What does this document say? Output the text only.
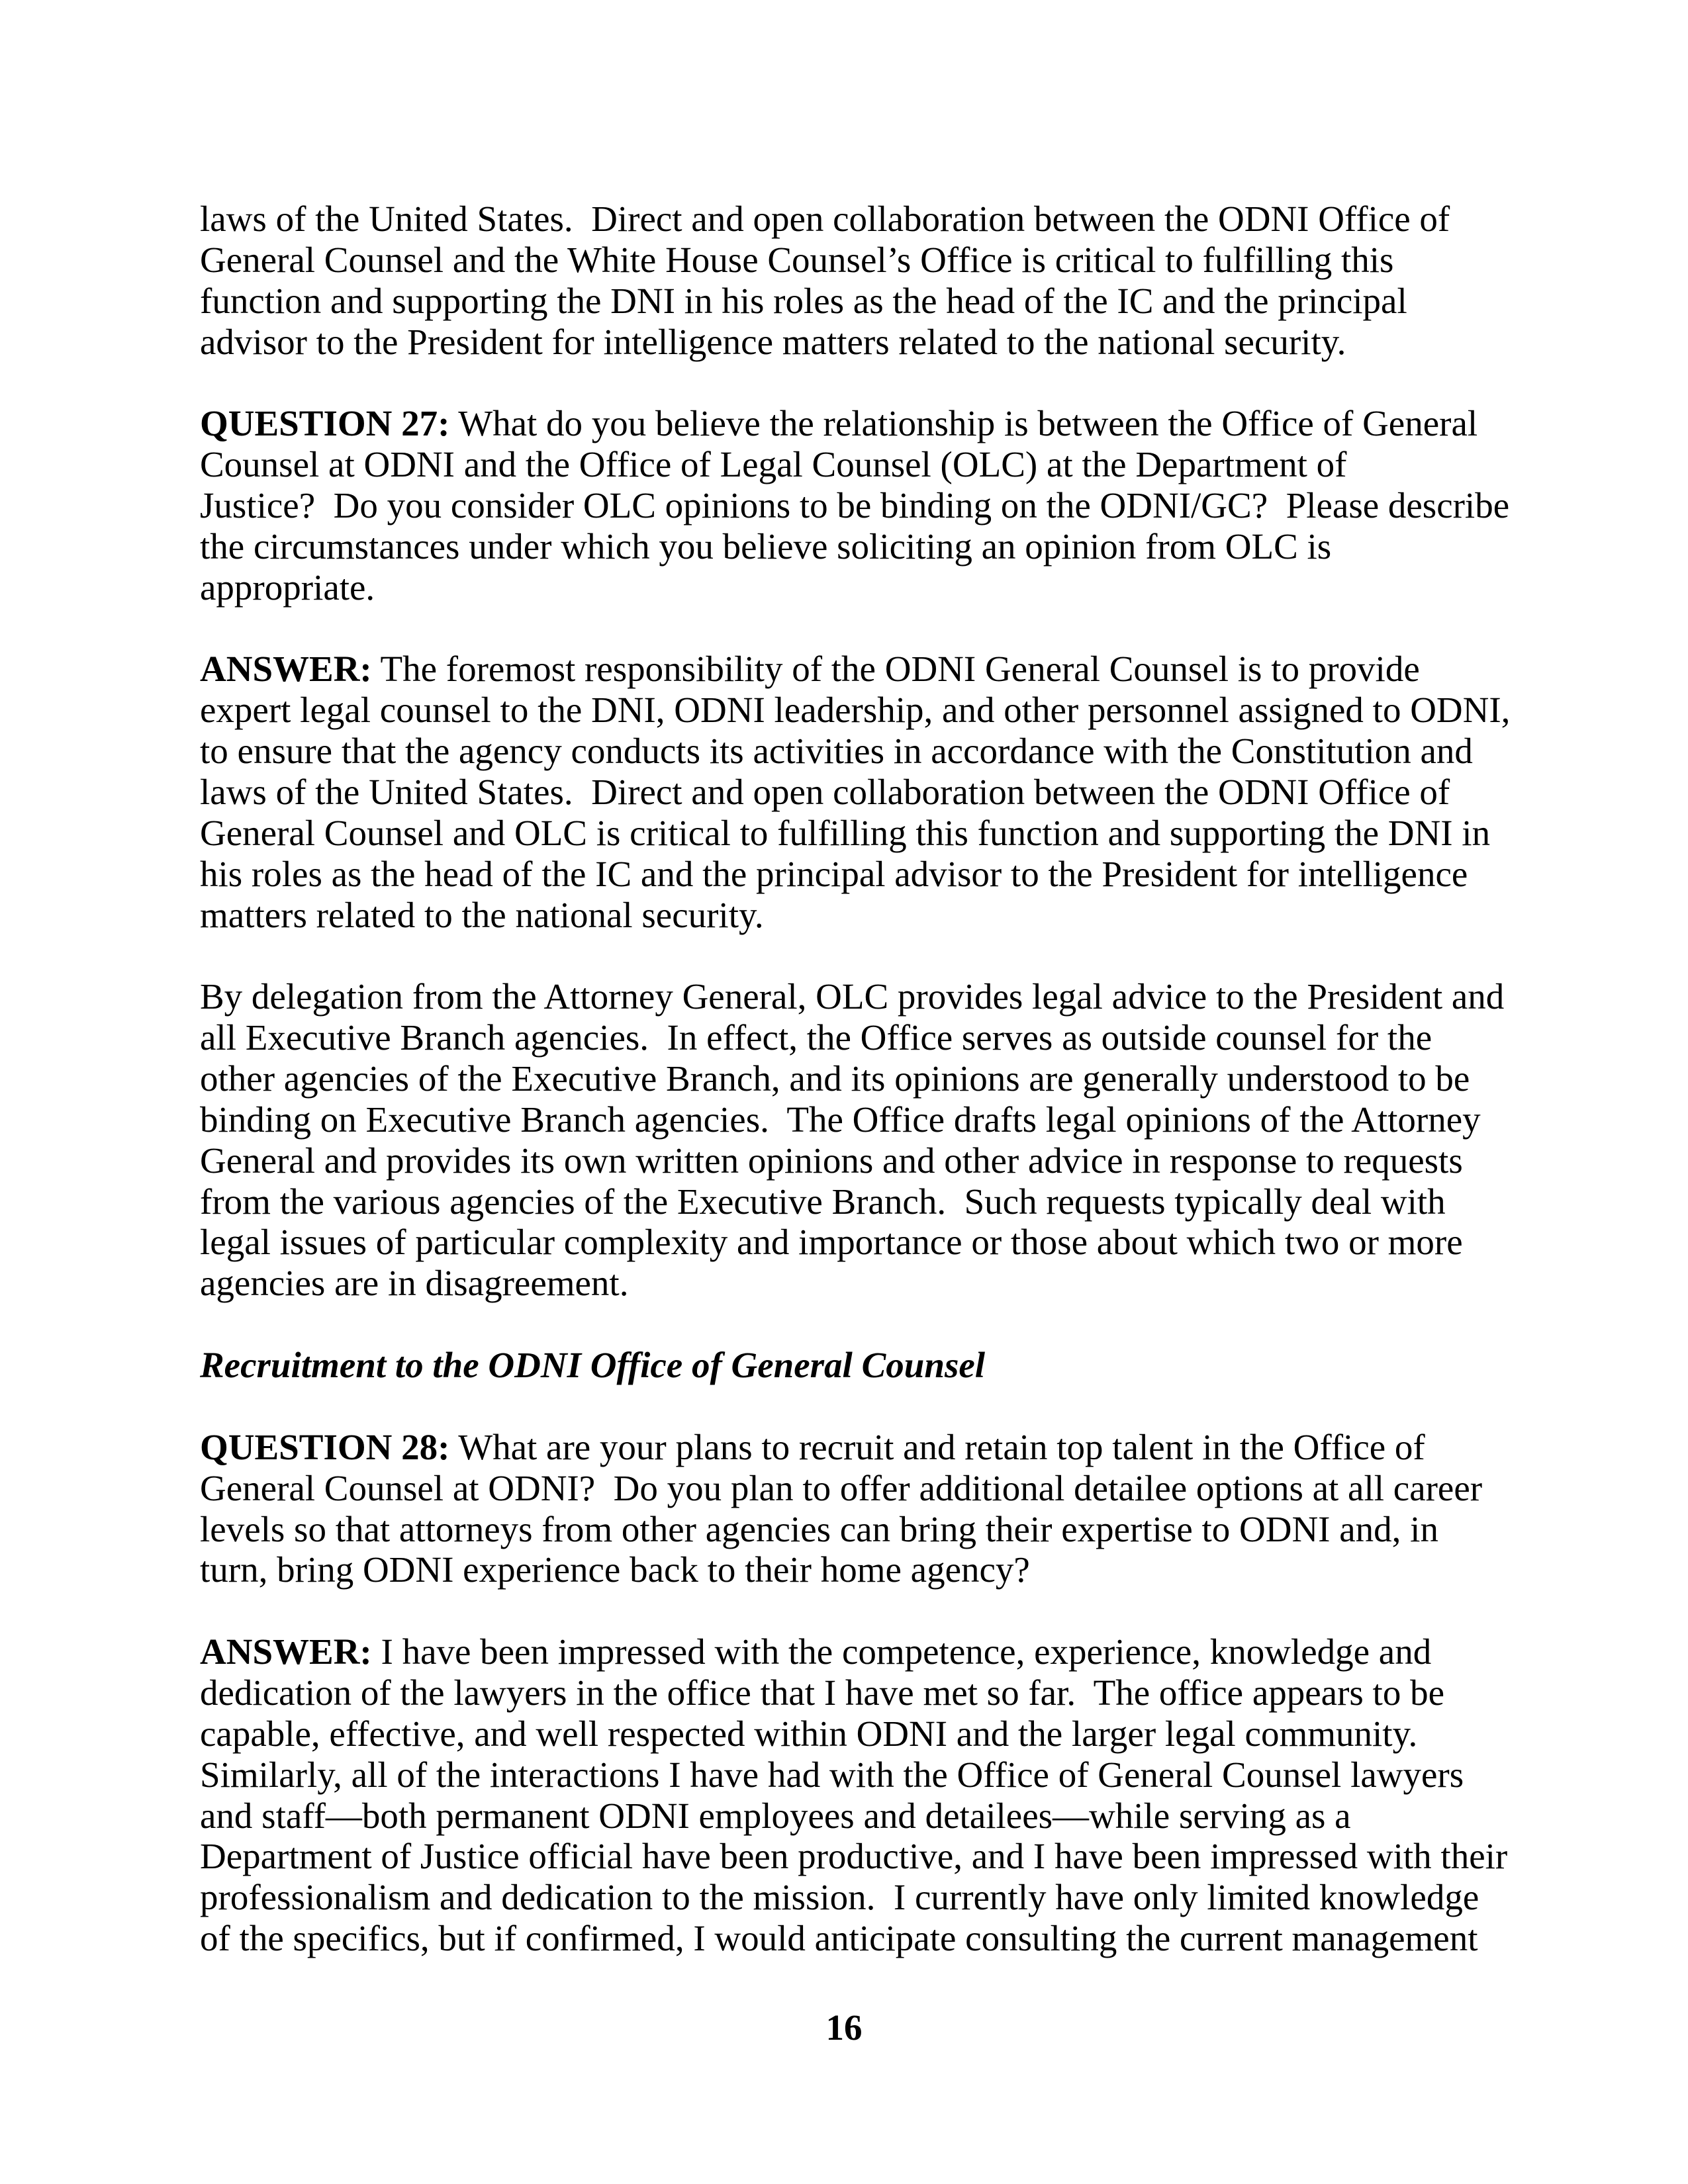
laws of the United States.  Direct and open collaboration between the ODNI Office of
General Counsel and the White House Counsel’s Office is critical to fulfilling this
function and supporting the DNI in his roles as the head of the IC and the principal
advisor to the President for intelligence matters related to the national security.
QUESTION 27: What do you believe the relationship is between the Office of General
Counsel at ODNI and the Office of Legal Counsel (OLC) at the Department of
Justice?  Do you consider OLC opinions to be binding on the ODNI/GC?  Please describe
the circumstances under which you believe soliciting an opinion from OLC is
appropriate.
ANSWER: The foremost responsibility of the ODNI General Counsel is to provide
expert legal counsel to the DNI, ODNI leadership, and other personnel assigned to ODNI,
to ensure that the agency conducts its activities in accordance with the Constitution and
laws of the United States.  Direct and open collaboration between the ODNI Office of
General Counsel and OLC is critical to fulfilling this function and supporting the DNI in
his roles as the head of the IC and the principal advisor to the President for intelligence
matters related to the national security.
By delegation from the Attorney General, OLC provides legal advice to the President and
all Executive Branch agencies.  In effect, the Office serves as outside counsel for the
other agencies of the Executive Branch, and its opinions are generally understood to be
binding on Executive Branch agencies.  The Office drafts legal opinions of the Attorney
General and provides its own written opinions and other advice in response to requests
from the various agencies of the Executive Branch.  Such requests typically deal with
legal issues of particular complexity and importance or those about which two or more
agencies are in disagreement.
Recruitment to the ODNI Office of General Counsel
QUESTION 28: What are your plans to recruit and retain top talent in the Office of
General Counsel at ODNI?  Do you plan to offer additional detailee options at all career
levels so that attorneys from other agencies can bring their expertise to ODNI and, in
turn, bring ODNI experience back to their home agency?
ANSWER: I have been impressed with the competence, experience, knowledge and
dedication of the lawyers in the office that I have met so far.  The office appears to be
capable, effective, and well respected within ODNI and the larger legal community.
Similarly, all of the interactions I have had with the Office of General Counsel lawyers
and staff—both permanent ODNI employees and detailees—while serving as a
Department of Justice official have been productive, and I have been impressed with their
professionalism and dedication to the mission.  I currently have only limited knowledge
of the specifics, but if confirmed, I would anticipate consulting the current management
16
